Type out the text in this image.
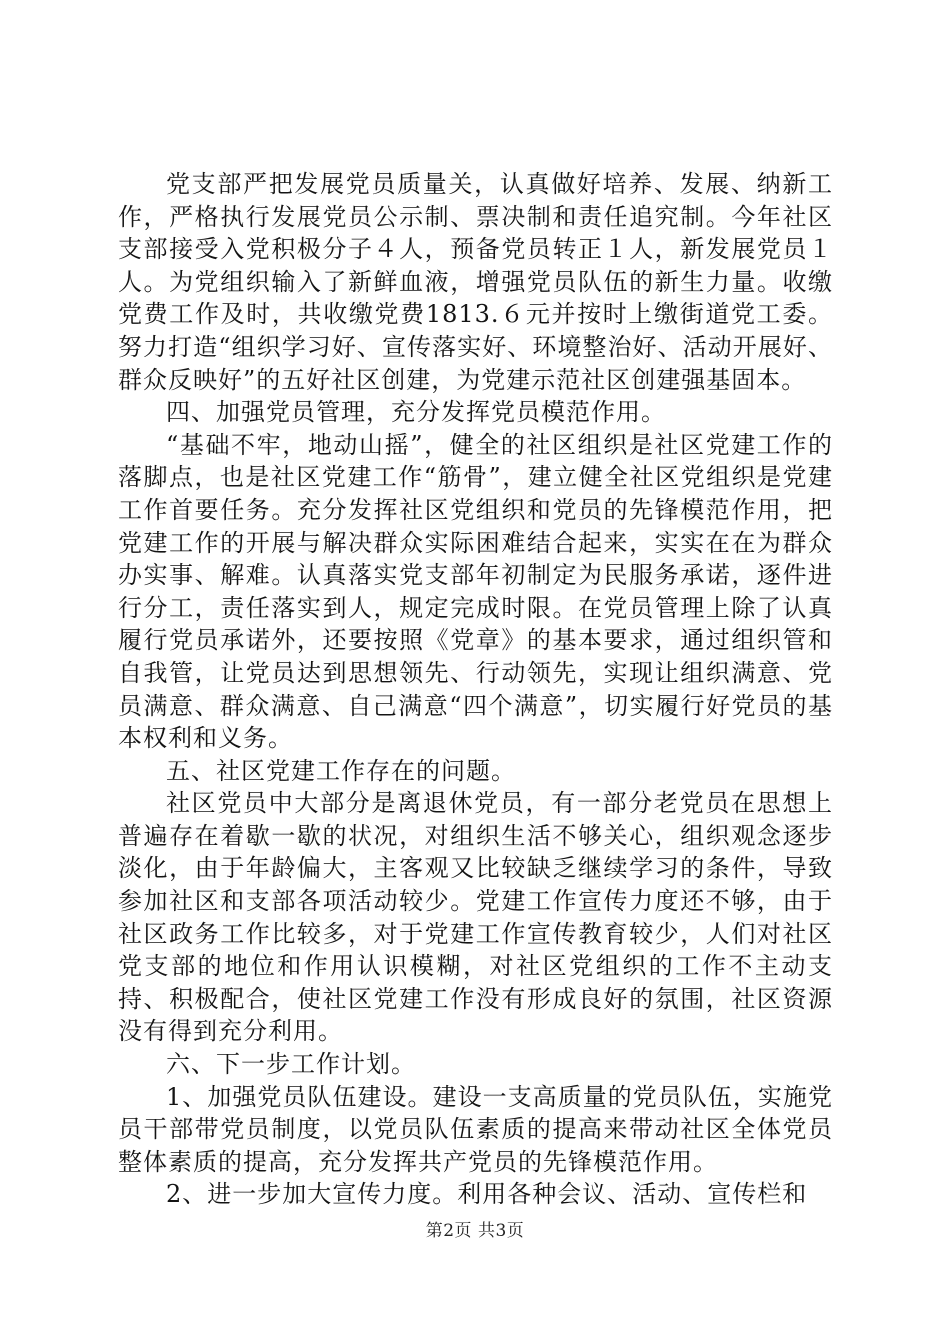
党支部严把发展党员质量关，认真做好培养、发展、纳新工作，严格执行发展党员公示制、票决制和责任追究制。今年社区支部接受入党积极分子４人，预备党员转正１人，新发展党员１人。为党组织输入了新鲜血液，增强党员队伍的新生力量。收缴党费工作及时，共收缴党费1813.６元并按时上缴街道党工委。努力打造“组织学习好、宣传落实好、环境整治好、活动开展好、群众反映好”的五好社区创建，为党建示范社区创建强基固本。

四、加强党员管理，充分发挥党员模范作用。

“基础不牢，地动山摇”，健全的社区组织是社区党建工作的落脚点，也是社区党建工作“筋骨”，建立健全社区党组织是党建工作首要任务。充分发挥社区党组织和党员的先锋模范作用，把党建工作的开展与解决群众实际困难结合起来，实实在在为群众办实事、解难。认真落实党支部年初制定为民服务承诺，逐件进行分工，责任落实到人，规定完成时限。在党员管理上除了认真履行党员承诺外，还要按照《党章》的基本要求，通过组织管和自我管，让党员达到思想领先、行动领先，实现让组织满意、党员满意、群众满意、自己满意“四个满意”，切实履行好党员的基本权利和义务。

五、社区党建工作存在的问题。

社区党员中大部分是离退休党员，有一部分老党员在思想上普遍存在着歇一歇的状况，对组织生活不够关心，组织观念逐步淡化，由于年龄偏大，主客观又比较缺乏继续学习的条件，导致参加社区和支部各项活动较少。党建工作宣传力度还不够，由于社区政务工作比较多，对于党建工作宣传教育较少，人们对社区党支部的地位和作用认识模糊，对社区党组织的工作不主动支持、积极配合，使社区党建工作没有形成良好的氛围，社区资源没有得到充分利用。

六、下一步工作计划。

1、加强党员队伍建设。建设一支高质量的党员队伍，实施党员干部带党员制度，以党员队伍素质的提高来带动社区全体党员整体素质的提高，充分发挥共产党员的先锋模范作用。

2、进一步加大宣传力度。利用各种会议、活动、宣传栏和

第2页 共3页
